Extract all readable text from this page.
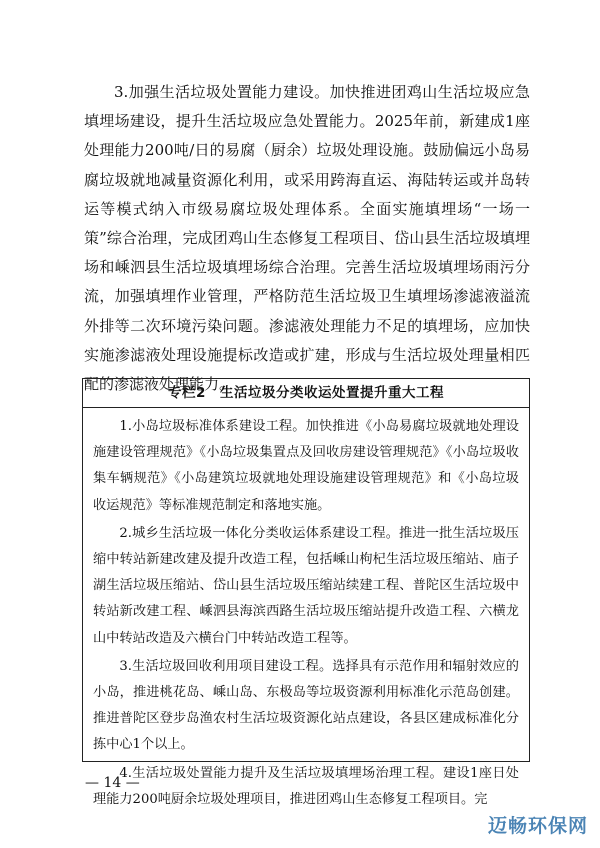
3.加强生活垃圾处置能力建设。加快推进团鸡山生活垃圾应急填埋场建设，提升生活垃圾应急处置能力。2025年前，新建成1座处理能力200吨/日的易腐（厨余）垃圾处理设施。鼓励偏远小岛易腐垃圾就地减量资源化利用，或采用跨海直运、海陆转运或并岛转运等模式纳入市级易腐垃圾处理体系。全面实施填埋场“一场一策”综合治理，完成团鸡山生态修复工程项目、岱山县生活垃圾填埋场和嵊泗县生活垃圾填埋场综合治理。完善生活垃圾填埋场雨污分流，加强填埋作业管理，严格防范生活垃圾卫生填埋场渗滤液溢流外排等二次环境污染问题。渗滤液处理能力不足的填埋场，应加快实施渗滤液处理设施提标改造或扩建，形成与生活垃圾处理量相匹配的渗滤液处理能力。

专栏2　生活垃圾分类收运处置提升重大工程

1.小岛垃圾标准体系建设工程。加快推进《小岛易腐垃圾就地处理设施建设管理规范》《小岛垃圾集置点及回收房建设管理规范》《小岛垃圾收集车辆规范》《小岛建筑垃圾就地处理设施建设管理规范》和《小岛垃圾收运规范》等标准规范制定和落地实施。

2.城乡生活垃圾一体化分类收运体系建设工程。推进一批生活垃圾压缩中转站新建改建及提升改造工程，包括嵊山枸杞生活垃圾压缩站、庙子湖生活垃圾压缩站、岱山县生活垃圾压缩站续建工程、普陀区生活垃圾中转站新改建工程、嵊泗县海滨西路生活垃圾压缩站提升改造工程、六横龙山中转站改造及六横台门中转站改造工程等。

3.生活垃圾回收利用项目建设工程。选择具有示范作用和辐射效应的小岛，推进桃花岛、嵊山岛、东极岛等垃圾资源利用标准化示范岛创建。推进普陀区登步岛渔农村生活垃圾资源化站点建设，各县区建成标准化分拣中心1个以上。

4.生活垃圾处置能力提升及生活垃圾填埋场治理工程。建设1座日处理能力200吨厨余垃圾处理项目，推进团鸡山生态修复工程项目。完

— 14 —
迈畅环保网
